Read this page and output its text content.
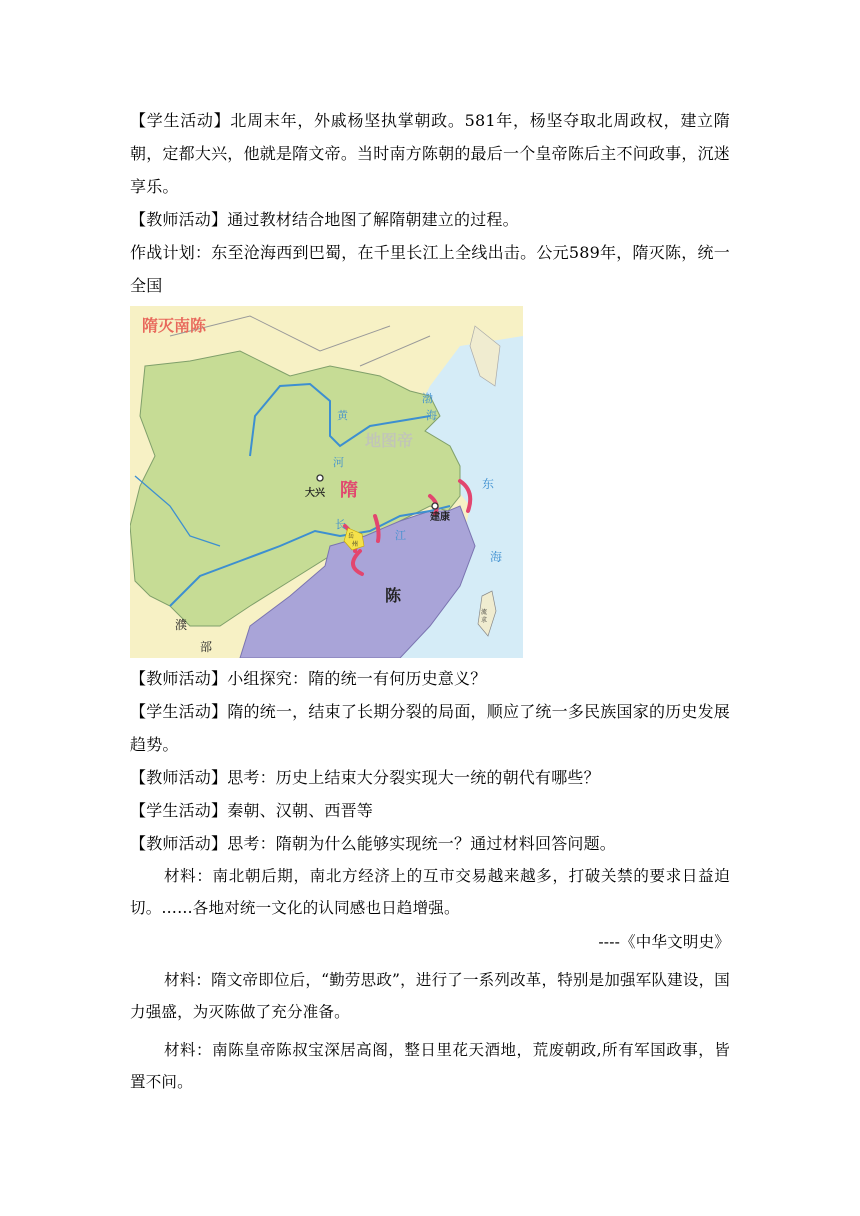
【学生活动】北周末年，外戚杨坚执掌朝政。581年，杨坚夺取北周政权，建立隋朝，定都大兴，他就是隋文帝。当时南方陈朝的最后一个皇帝陈后主不问政事，沉迷享乐。

【教师活动】通过教材结合地图了解隋朝建立的过程。

作战计划：东至沧海西到巴蜀，在千里长江上全线出击。公元589年，隋灭陈，统一全国

隋灭南陈
地图帝
隋
陈
大兴
建康
黄
河
长
江
渤
海
东
海
濮
部
流
求
岳
州

【教师活动】小组探究：隋的统一有何历史意义？

【学生活动】隋的统一，结束了长期分裂的局面，顺应了统一多民族国家的历史发展趋势。

【教师活动】思考：历史上结束大分裂实现大一统的朝代有哪些？

【学生活动】秦朝、汉朝、西晋等

【教师活动】思考：隋朝为什么能够实现统一？通过材料回答问题。

材料：南北朝后期，南北方经济上的互市交易越来越多，打破关禁的要求日益迫切。……各地对统一文化的认同感也日趋增强。

----《中华文明史》

材料：隋文帝即位后，“勤劳思政”，进行了一系列改革，特别是加强军队建设，国力强盛，为灭陈做了充分准备。

材料：南陈皇帝陈叔宝深居高阁，整日里花天酒地，荒废朝政,所有军国政事，皆置不问。
